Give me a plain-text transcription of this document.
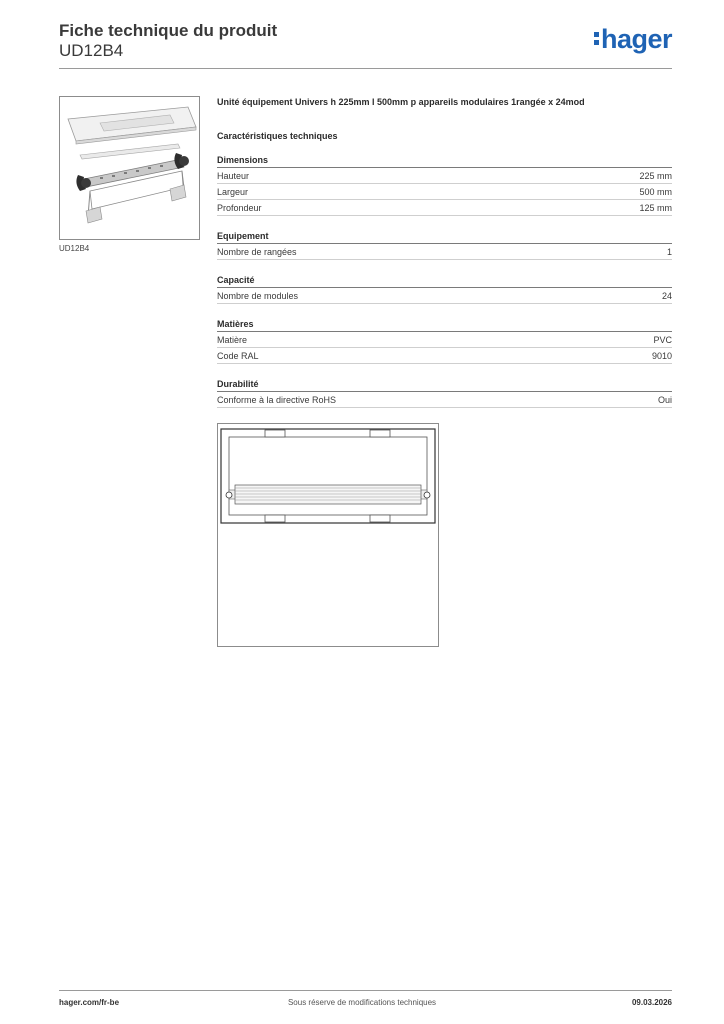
Fiche technique du produit
UD12B4	hager
UD12B4
Unité équipement Univers h 225mm l 500mm p appareils modulaires 1rangée x 24mod
Caractéristiques techniques
Dimensions
Hauteur	225 mm
Largeur	500 mm
Profondeur	125 mm
Equipement
Nombre de rangées	1
Capacité
Nombre de modules	24
Matières
Matière	PVC
Code RAL	9010
Durabilité
Conforme à la directive RoHS	Oui
hager.com/fr-be	Sous réserve de modifications techniques	09.03.2026
